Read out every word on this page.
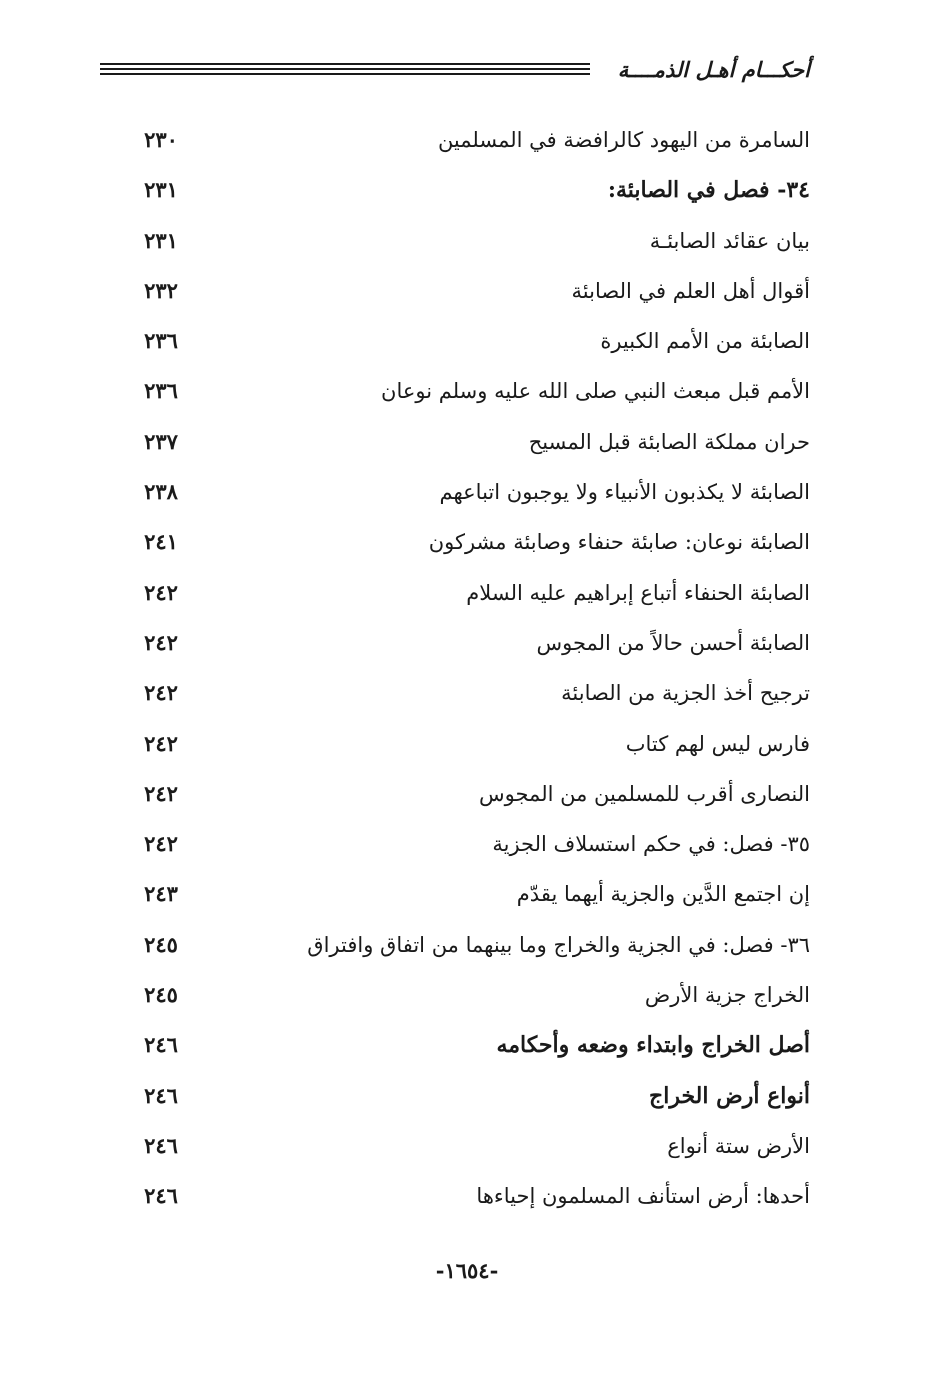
أحكـــام أهـل الذمــــة
السامرة من اليهود كالرافضة في المسلمين
٢٣٠
٣٤- فصل في الصابئة:
٢٣١
بيان عقائد الصابئـة
٢٣١
أقوال أهل العلم في الصابئة
٢٣٢
الصابئة من الأمم الكبيرة
٢٣٦
الأمم قبل مبعث النبي صلى الله عليه وسلم نوعان
٢٣٦
حران مملكة الصابئة قبل المسيح
٢٣٧
الصابئة لا يكذبون الأنبياء ولا يوجبون اتباعهم
٢٣٨
الصابئة نوعان: صابئة حنفاء وصابئة مشركون
٢٤١
الصابئة الحنفاء أتباع إبراهيم عليه السلام
٢٤٢
الصابئة أحسن حالاً من المجوس
٢٤٢
ترجيح أخذ الجزية من الصابئة
٢٤٢
فارس ليس لهم كتاب
٢٤٢
النصارى أقرب للمسلمين من المجوس
٢٤٢
٣٥- فصل: في حكم استسلاف الجزية
٢٤٢
إن اجتمع الدَّين والجزية أيهما يقدّم
٢٤٣
٣٦- فصل: في الجزية والخراج وما بينهما من اتفاق وافتراق
٢٤٥
الخراج جزية الأرض
٢٤٥
أصل الخراج وابتداء وضعه وأحكامه
٢٤٦
أنواع أرض الخراج
٢٤٦
الأرض ستة أنواع
٢٤٦
أحدها: أرض استأنف المسلمون إحياءها
٢٤٦
-١٦٥٤-
